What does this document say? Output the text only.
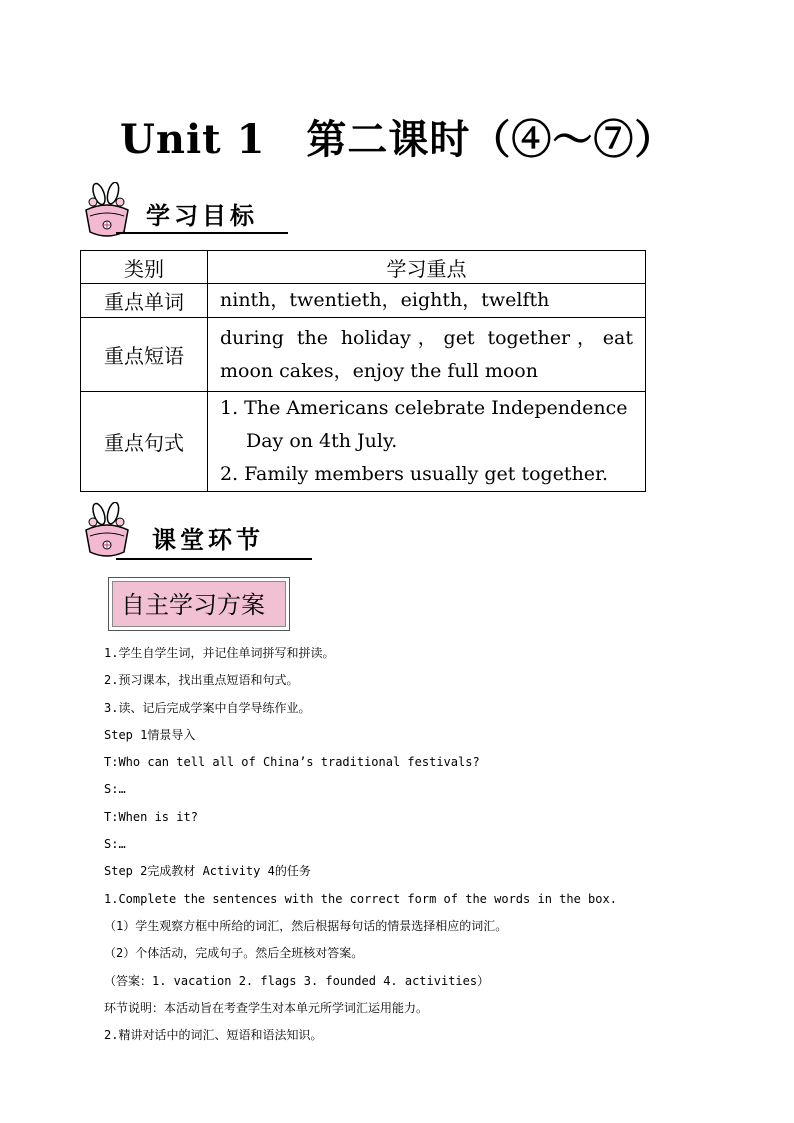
Unit 1　第二课时（④～⑦）
学习目标
类别	学习重点
重点单词	ninth，twentieth，eighth，twelfth
重点短语	during the holiday，get together，eat moon cakes，enjoy the full moon
重点句式	1. The Americans celebrate Independence Day on 4th July.
2. Family members usually get together.
课堂环节
自主学习方案
1.学生自学生词，并记住单词拼写和拼读。
2.预习课本，找出重点短语和句式。
3.读、记后完成学案中自学导练作业。
Step 1情景导入
T:Who can tell all of China’s traditional festivals?
S:…
T:When is it?
S:…
Step 2完成教材 Activity 4的任务
1.Complete the sentences with the correct form of the words in the box.
（1）学生观察方框中所给的词汇，然后根据每句话的情景选择相应的词汇。
（2）个体活动，完成句子。然后全班核对答案。
（答案：1. vacation 2. flags 3. founded 4. activities）
环节说明：本活动旨在考查学生对本单元所学词汇运用能力。
2.精讲对话中的词汇、短语和语法知识。
